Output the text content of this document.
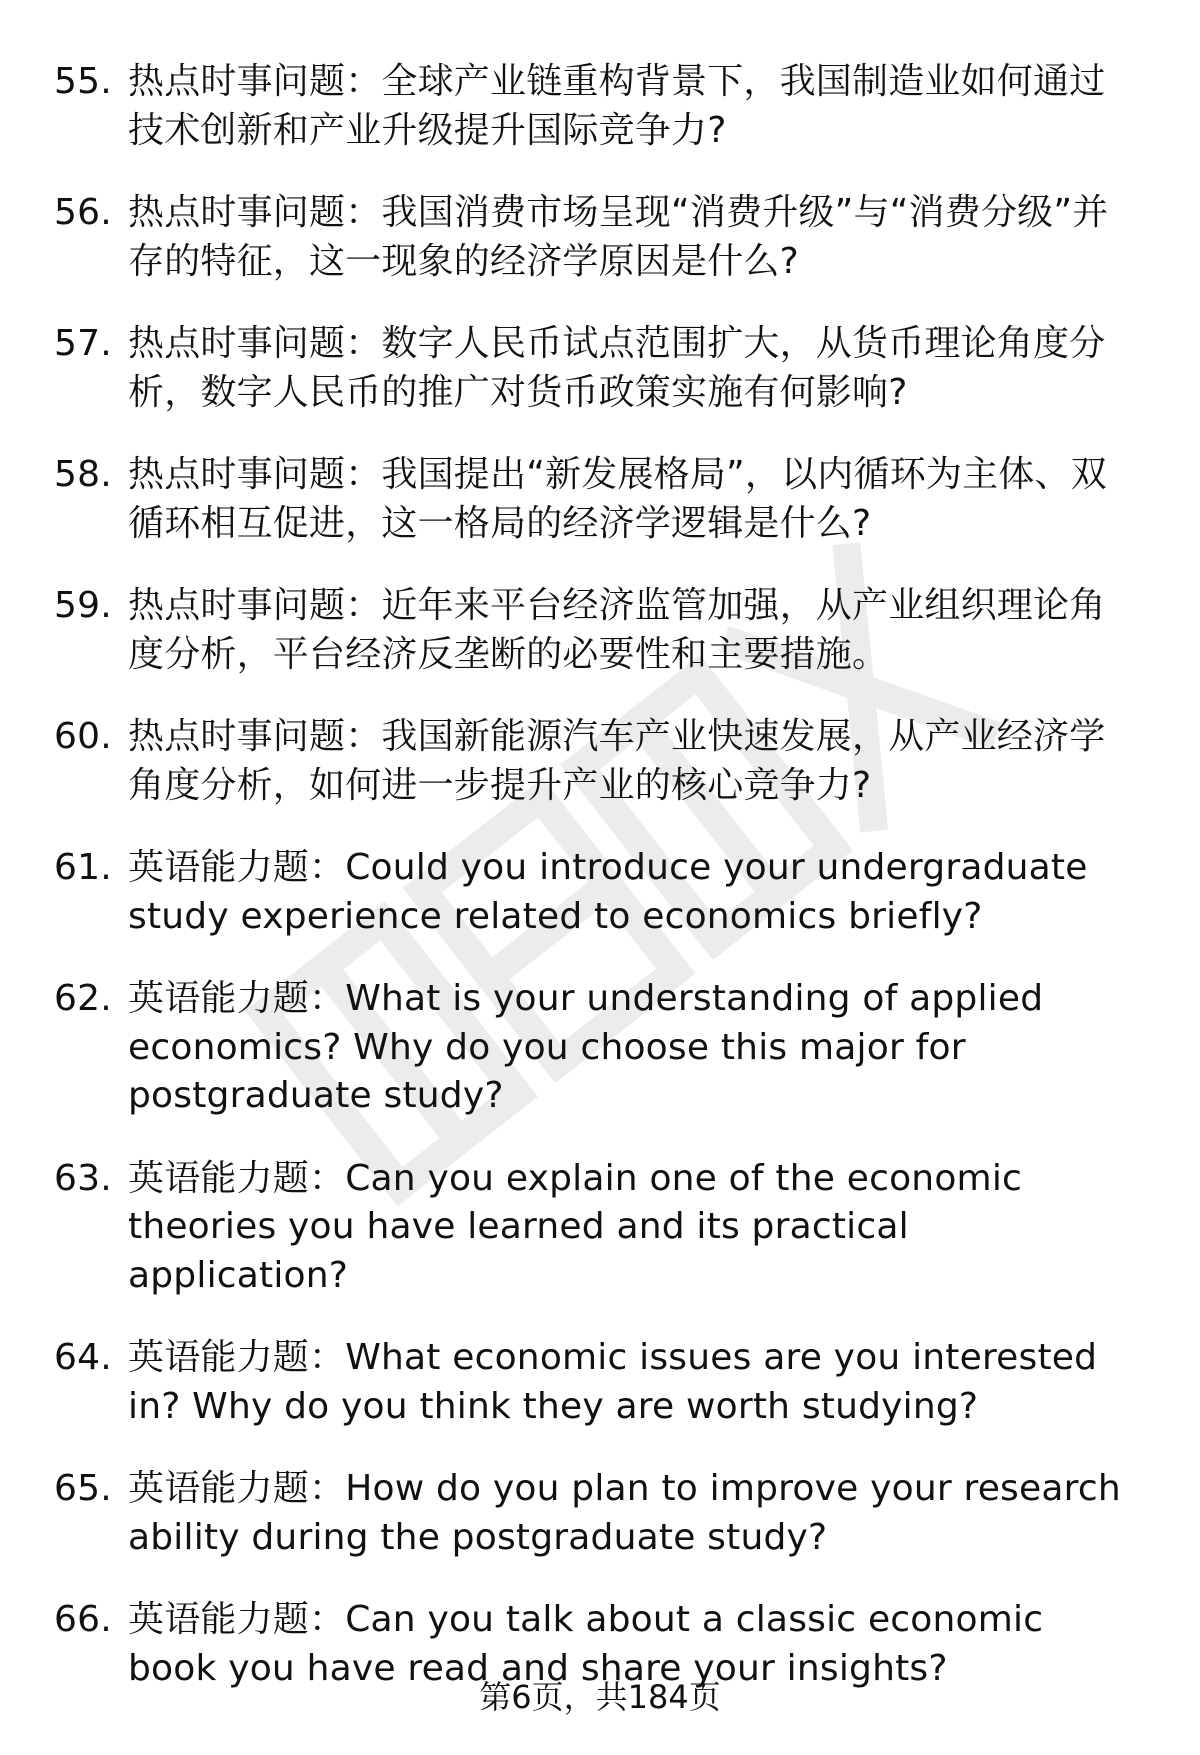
55. 热点时事问题：全球产业链重构背景下，我国制造业如何通过技术创新和产业升级提升国际竞争力?
56. 热点时事问题：我国消费市场呈现“消费升级”与“消费分级”并存的特征，这一现象的经济学原因是什么?
57. 热点时事问题：数字人民币试点范围扩大，从货币理论角度分析，数字人民币的推广对货币政策实施有何影响?
58. 热点时事问题：我国提出“新发展格局”，以内循环为主体、双循环相互促进，这一格局的经济学逻辑是什么?
59. 热点时事问题：近年来平台经济监管加强，从产业组织理论角度分析，平台经济反垄断的必要性和主要措施。
60. 热点时事问题：我国新能源汽车产业快速发展，从产业经济学角度分析，如何进一步提升产业的核心竞争力?
61. 英语能力题：Could you introduce your undergraduate study experience related to economics briefly?
62. 英语能力题：What is your understanding of applied economics? Why do you choose this major for postgraduate study?
63. 英语能力题：Can you explain one of the economic theories you have learned and its practical application?
64. 英语能力题：What economic issues are you interested in? Why do you think they are worth studying?
65. 英语能力题：How do you plan to improve your research ability during the postgraduate study?
66. 英语能力题：Can you talk about a classic economic book you have read and share your insights?
第6页，共184页
